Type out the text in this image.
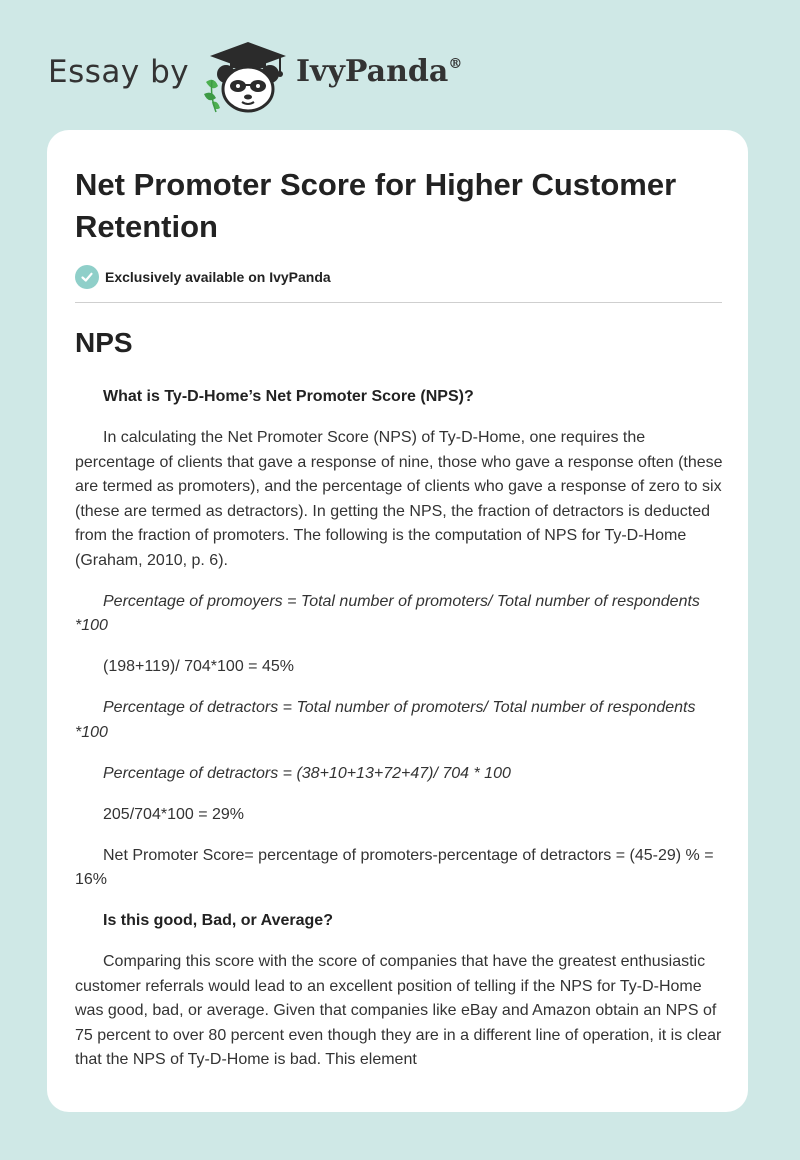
Essay by	IvyPanda®
Net Promoter Score for Higher Customer Retention
Exclusively available on IvyPanda
NPS

What is Ty-D-Home’s Net Promoter Score (NPS)?

In calculating the Net Promoter Score (NPS) of Ty-D-Home, one requires the percentage of clients that gave a response of nine, those who gave a response often (these are termed as promoters), and the percentage of clients who gave a response of zero to six (these are termed as detractors). In getting the NPS, the fraction of detractors is deducted from the fraction of promoters. The following is the computation of NPS for Ty-D-Home (Graham, 2010, p. 6).

Percentage of promoyers = Total number of promoters/ Total number of respondents *100

(198+119)/ 704*100 = 45%

Percentage of detractors = Total number of promoters/ Total number of respondents *100

Percentage of detractors = (38+10+13+72+47)/ 704 * 100

205/704*100 = 29%

Net Promoter Score= percentage of promoters-percentage of detractors = (45-29) % = 16%

Is this good, Bad, or Average?

Comparing this score with the score of companies that have the greatest enthusiastic customer referrals would lead to an excellent position of telling if the NPS for Ty-D-Home was good, bad, or average. Given that companies like eBay and Amazon obtain an NPS of 75 percent to over 80 percent even though they are in a different line of operation, it is clear that the NPS of Ty-D-Home is bad. This element
